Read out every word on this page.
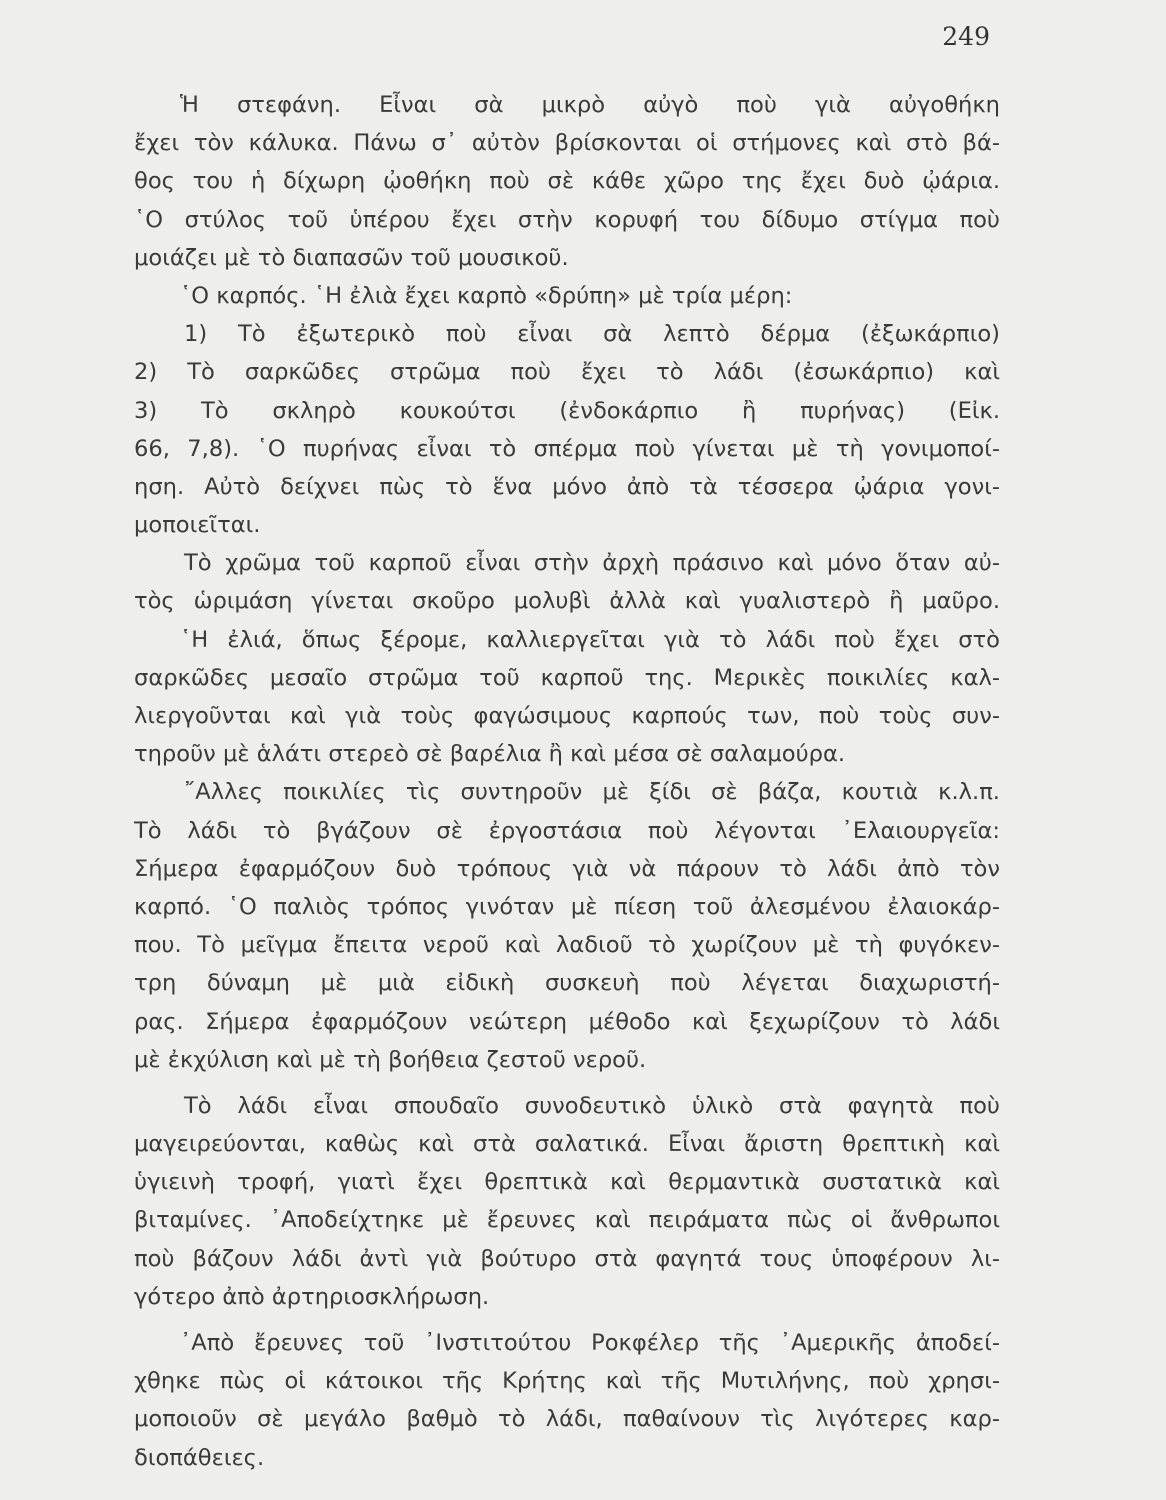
249

Ἡ στεφάνη. Εἶναι σὰ μικρὸ αὐγὸ ποὺ γιὰ αὐγοθήκη
ἔχει τὸν κάλυκα. Πάνω σ᾿ αὐτὸν βρίσκονται οἱ στήμονες καὶ στὸ βά-
θος του ἡ δίχωρη ᾠοθήκη ποὺ σὲ κάθε χῶρο της ἔχει δυὸ ᾠάρια.
῾Ο στύλος τοῦ ὑπέρου ἔχει στὴν κορυφή του δίδυμο στίγμα ποὺ
μοιάζει μὲ τὸ διαπασῶν τοῦ μουσικοῦ.
῾Ο καρπός. ῾Η ἐλιὰ ἔχει καρπὸ «δρύπη» μὲ τρία μέρη:
1) Τὸ ἐξωτερικὸ ποὺ εἶναι σὰ λεπτὸ δέρμα (ἐξωκάρπιο)
2) Τὸ σαρκῶδες στρῶμα ποὺ ἔχει τὸ λάδι (ἐσωκάρπιο) καὶ
3) Τὸ σκληρὸ κουκούτσι (ἐνδοκάρπιο ἢ πυρήνας) (Εἰκ.
66, 7,8). ῾Ο πυρήνας εἶναι τὸ σπέρμα ποὺ γίνεται μὲ τὴ γονιμοποί-
ηση. Αὐτὸ δείχνει πὼς τὸ ἕνα μόνο ἀπὸ τὰ τέσσερα ᾠάρια γονι-
μοποιεῖται.
Τὸ χρῶμα τοῦ καρποῦ εἶναι στὴν ἀρχὴ πράσινο καὶ μόνο ὅταν αὐ-
τὸς ὡριμάση γίνεται σκοῦρο μολυβὶ ἀλλὰ καὶ γυαλιστερὸ ἢ μαῦρο.
῾Η ἐλιά, ὅπως ξέρομε, καλλιεργεῖται γιὰ τὸ λάδι ποὺ ἔχει στὸ
σαρκῶδες μεσαῖο στρῶμα τοῦ καρποῦ της. Μερικὲς ποικιλίες καλ-
λιεργοῦνται καὶ γιὰ τοὺς φαγώσιμους καρπούς των, ποὺ τοὺς συν-
τηροῦν μὲ ἁλάτι στερεὸ σὲ βαρέλια ἢ καὶ μέσα σὲ σαλαμούρα.
῎Αλλες ποικιλίες τὶς συντηροῦν μὲ ξίδι σὲ βάζα, κουτιὰ κ.λ.π.
Τὸ λάδι τὸ βγάζουν σὲ ἐργοστάσια ποὺ λέγονται ᾿Ελαιουργεῖα:
Σήμερα ἐφαρμόζουν δυὸ τρόπους γιὰ νὰ πάρουν τὸ λάδι ἀπὸ τὸν
καρπό. ῾Ο παλιὸς τρόπος γινόταν μὲ πίεση τοῦ ἀλεσμένου ἐλαιοκάρ-
που. Τὸ μεῖγμα ἔπειτα νεροῦ καὶ λαδιοῦ τὸ χωρίζουν μὲ τὴ φυγόκεν-
τρη δύναμη μὲ μιὰ εἰδικὴ συσκευὴ ποὺ λέγεται διαχωριστή-
ρας. Σήμερα ἐφαρμόζουν νεώτερη μέθοδο καὶ ξεχωρίζουν τὸ λάδι
μὲ ἐκχύλιση καὶ μὲ τὴ βοήθεια ζεστοῦ νεροῦ.
Τὸ λάδι εἶναι σπουδαῖο συνοδευτικὸ ὑλικὸ στὰ φαγητὰ ποὺ
μαγειρεύονται, καθὼς καὶ στὰ σαλατικά. Εἶναι ἄριστη θρεπτικὴ καὶ
ὑγιεινὴ τροφή, γιατὶ ἔχει θρεπτικὰ καὶ θερμαντικὰ συστατικὰ καὶ
βιταμίνες. ᾿Αποδείχτηκε μὲ ἔρευνες καὶ πειράματα πὼς οἱ ἄνθρωποι
ποὺ βάζουν λάδι ἀντὶ γιὰ βούτυρο στὰ φαγητά τους ὑποφέρουν λι-
γότερο ἀπὸ ἀρτηριοσκλήρωση.
᾿Απὸ ἔρευνες τοῦ ᾿Ινστιτούτου Ροκφέλερ τῆς ᾿Αμερικῆς ἀποδεί-
χθηκε πὼς οἱ κάτοικοι τῆς Κρήτης καὶ τῆς Μυτιλήνης, ποὺ χρησι-
μοποιοῦν σὲ μεγάλο βαθμὸ τὸ λάδι, παθαίνουν τὶς λιγότερες καρ-
διοπάθειες.
